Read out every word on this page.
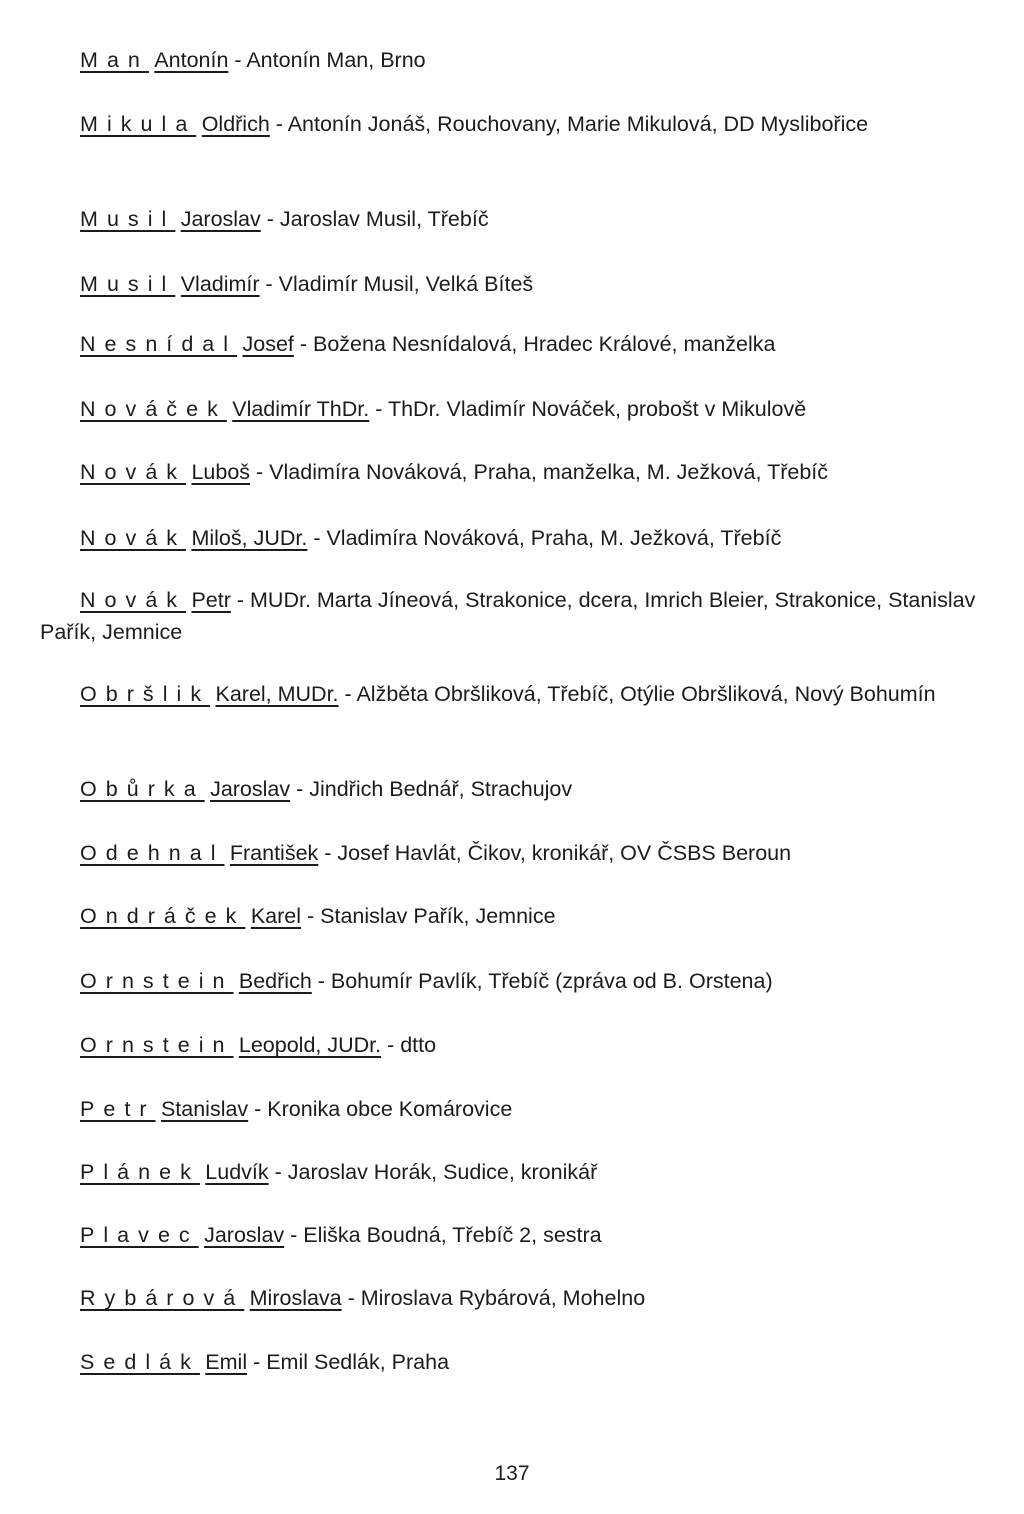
Man Antonín - Antonín Man, Brno

Mikula Oldřich - Antonín Jonáš, Rouchovany, Marie Mikulová, DD Myslibořice

Musil Jaroslav - Jaroslav Musil, Třebíč

Musil Vladimír - Vladimír Musil, Velká Bíteš

Nesnídal Josef - Božena Nesnídalová, Hradec Králové, manželka

Nováček Vladimír ThDr. - ThDr. Vladimír Nováček, probošt v Mikulově

Novák Luboš - Vladimíra Nováková, Praha, manželka, M. Ježková, Třebíč

Novák Miloš, JUDr. - Vladimíra Nováková, Praha, M. Ježková, Třebíč

Novák Petr - MUDr. Marta Jíneová, Strakonice, dcera, Imrich Bleier, Strakonice, Stanislav Pařík, Jemnice

Obršlik Karel, MUDr. - Alžběta Obršliková, Třebíč, Otýlie Obršliková, Nový Bohumín

Obůrka Jaroslav - Jindřich Bednář, Strachujov

Odehnal František - Josef Havlát, Čikov, kronikář, OV ČSBS Beroun

Ondráček Karel - Stanislav Pařík, Jemnice

Ornstein Bedřich - Bohumír Pavlík, Třebíč (zpráva od B. Orstena)

Ornstein Leopold, JUDr. - dtto

Petr Stanislav - Kronika obce Komárovice

Plánek Ludvík - Jaroslav Horák, Sudice, kronikář

Plavec Jaroslav - Eliška Boudná, Třebíč 2, sestra

Rybárová Miroslava - Miroslava Rybárová, Mohelno

Sedlák Emil - Emil Sedlák, Praha

137
